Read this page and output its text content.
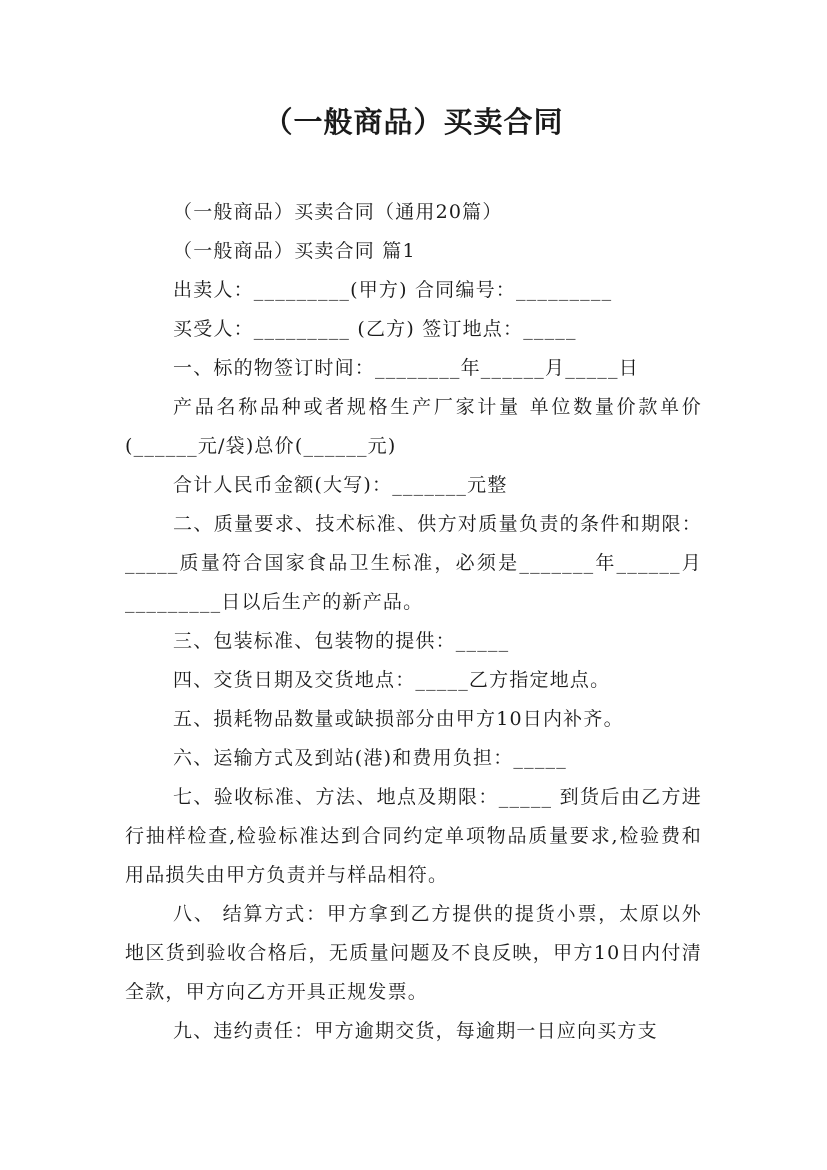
（一般商品）买卖合同
（一般商品）买卖合同（通用20篇）
（一般商品）买卖合同 篇1
出卖人：_________(甲方) 合同编号：_________
买受人：_________ (乙方) 签订地点：_____
一、标的物签订时间：________年______月_____日
产品名称品种或者规格生产厂家计量 单位数量价款单价(______元/袋)总价(______元)
合计人民币金额(大写)：_______元整
二、质量要求、技术标准、供方对质量负责的条件和期限：_____质量符合国家食品卫生标准，必须是_______年______月_________日以后生产的新产品。
三、包装标准、包装物的提供：_____
四、交货日期及交货地点：_____乙方指定地点。
五、损耗物品数量或缺损部分由甲方10日内补齐。
六、运输方式及到站(港)和费用负担：_____
七、验收标准、方法、地点及期限：_____ 到货后由乙方进行抽样检查,检验标准达到合同约定单项物品质量要求,检验费和用品损失由甲方负责并与样品相符。
八、 结算方式：甲方拿到乙方提供的提货小票，太原以外地区货到验收合格后，无质量问题及不良反映，甲方10日内付清全款，甲方向乙方开具正规发票。
九、违约责任：甲方逾期交货，每逾期一日应向买方支
